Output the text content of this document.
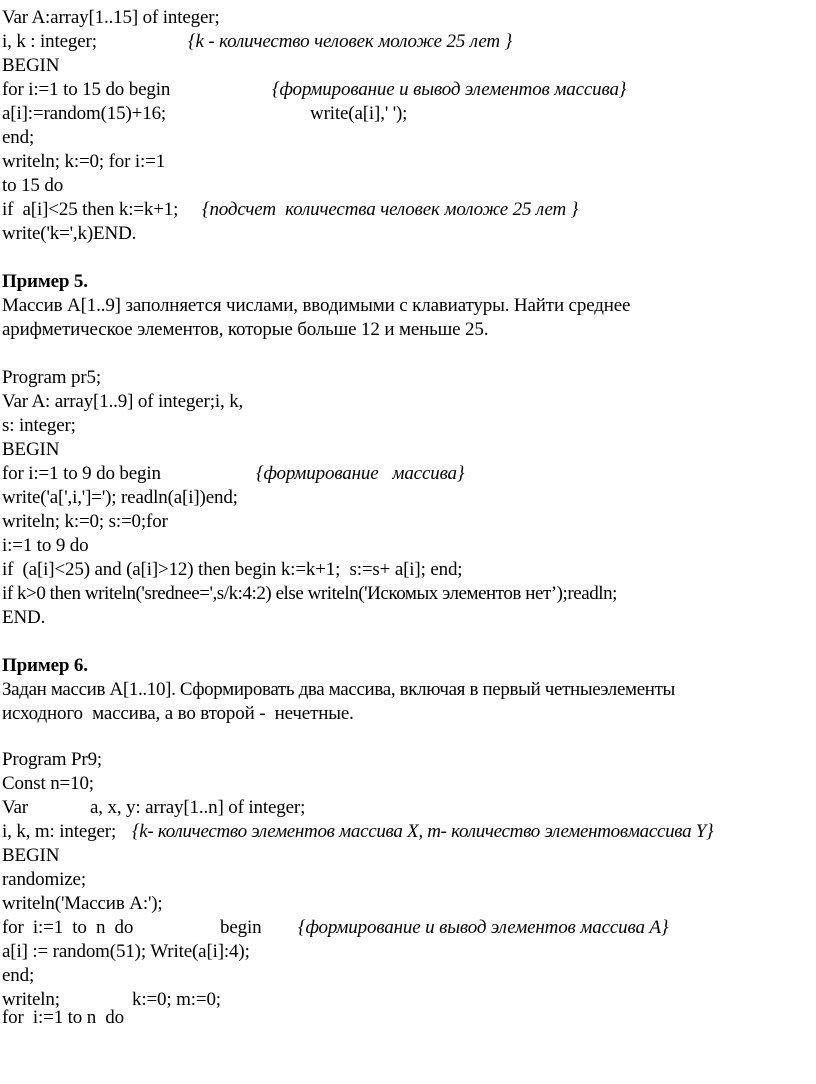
Var A:array[1..15] of integer;

i, k : integer;

	{k - количество человек моложе 25 лет }

BEGIN

for i:=1 to 15 do begin

	{формирование и вывод элементов массива}

a[i]:=random(15)+16;

	write(a[i],' ');

end;
writeln; k:=0; for i:=1
to 15 do

if  a[i]<25 then k:=k+1;

{подсчет  количества человек моложе 25 лет }

write('k=',k)END.
Пример 5.
Массив А[1..9] заполняется числами, вводимыми с клавиатуры. Найти среднее
арифметическое элементов, которые больше 12 и меньше 25.
Program pr5;
Var A: array[1..9] of integer;i, k,
s: integer;
BEGIN

for i:=1 to 9 do begin

	{формирование   массива}

write('a[',i,']='); readln(a[i])end;
writeln; k:=0; s:=0;for
i:=1 to 9 do
if  (a[i]<25) and (a[i]>12) then begin k:=k+1;  s:=s+ a[i]; end;
if k>0 then writeln('srednee=',s/k:4:2) else writeln('Искомых элементов нет’);readln;
END.
Пример 6.
Задан массив А[1..10]. Сформировать два массива, включая в первый четныеэлементы
исходного  массива, а во второй -  нечетные.
Program Pr9;
Const n=10;

Var

	a, x, y: array[1..n] of integer;

i, k, m: integer;

{k- количество элементов массива X, m- количество элементовмассива Y}

BEGIN
randomize;
writeln('Массив А:');

for  i:=1  to  n  do

	begin

{формирование и вывод элементов массива А}

a[i] := random(51); Write(a[i]:4);
end;

writeln;

	k:=0; m:=0;

for  i:=1 to n  do
